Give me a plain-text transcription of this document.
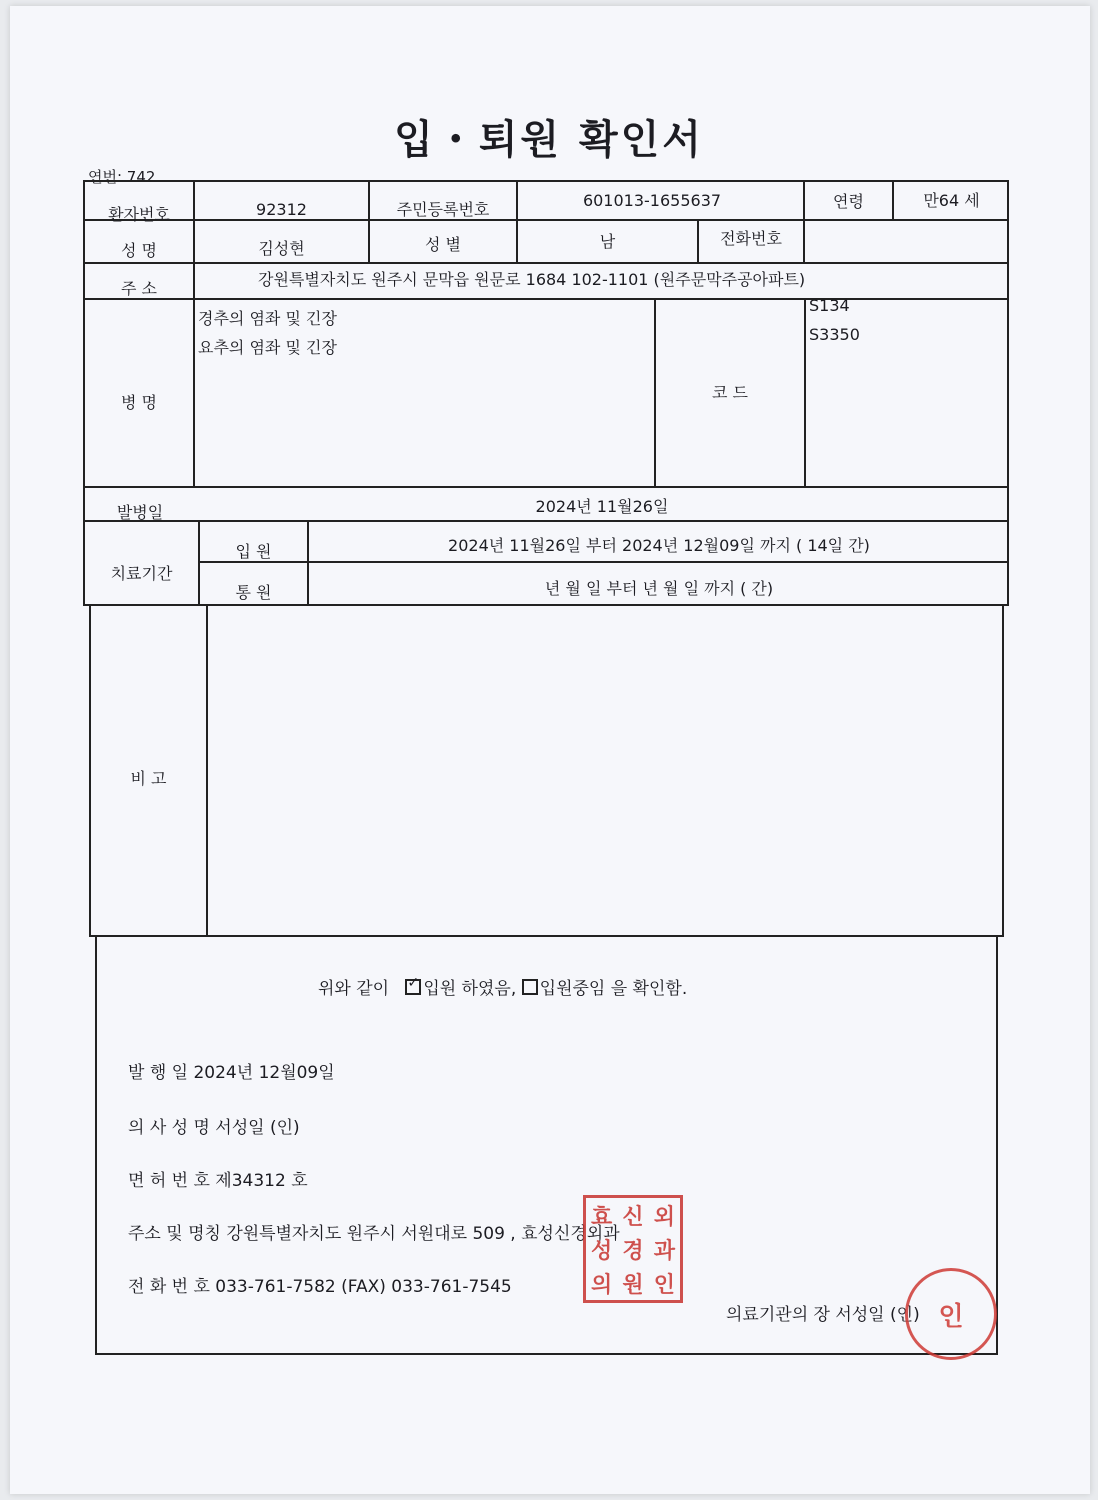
입・퇴원 확인서
연번: 742
환자번호	92312	주민등록번호	601013-1655637	연령	만64 세
성 명	김성현	성 별	남	전화번호
주 소	강원특별자치도 원주시 문막읍 원문로 1684 102-1101 (원주문막주공아파트)
병 명
경추의 염좌 및 긴장
요추의 염좌 및 긴장
코 드
S134
S3350
발병일	2024년 11월26일
치료기간
입 원	2024년 11월26일 부터 2024년 12월09일 까지 ( 14일 간)
통 원	년 월 일 부터 년 월 일 까지 ( 간)
비 고
위와 같이   ✓ 입원 하였음, 입원중임 을 확인함.
발 행 일 2024년 12월09일
의 사 성 명 서성일 (인)
면 허 번 호 제34312 호
주소 및 명칭 강원특별자치도 원주시 서원대로 509 , 효성신경외과
전 화 번 호 033-761-7582 (FAX) 033-761-7545
의료기관의 장 서성일 (인)
효 신 외
성 경 과
의 원 인
인
